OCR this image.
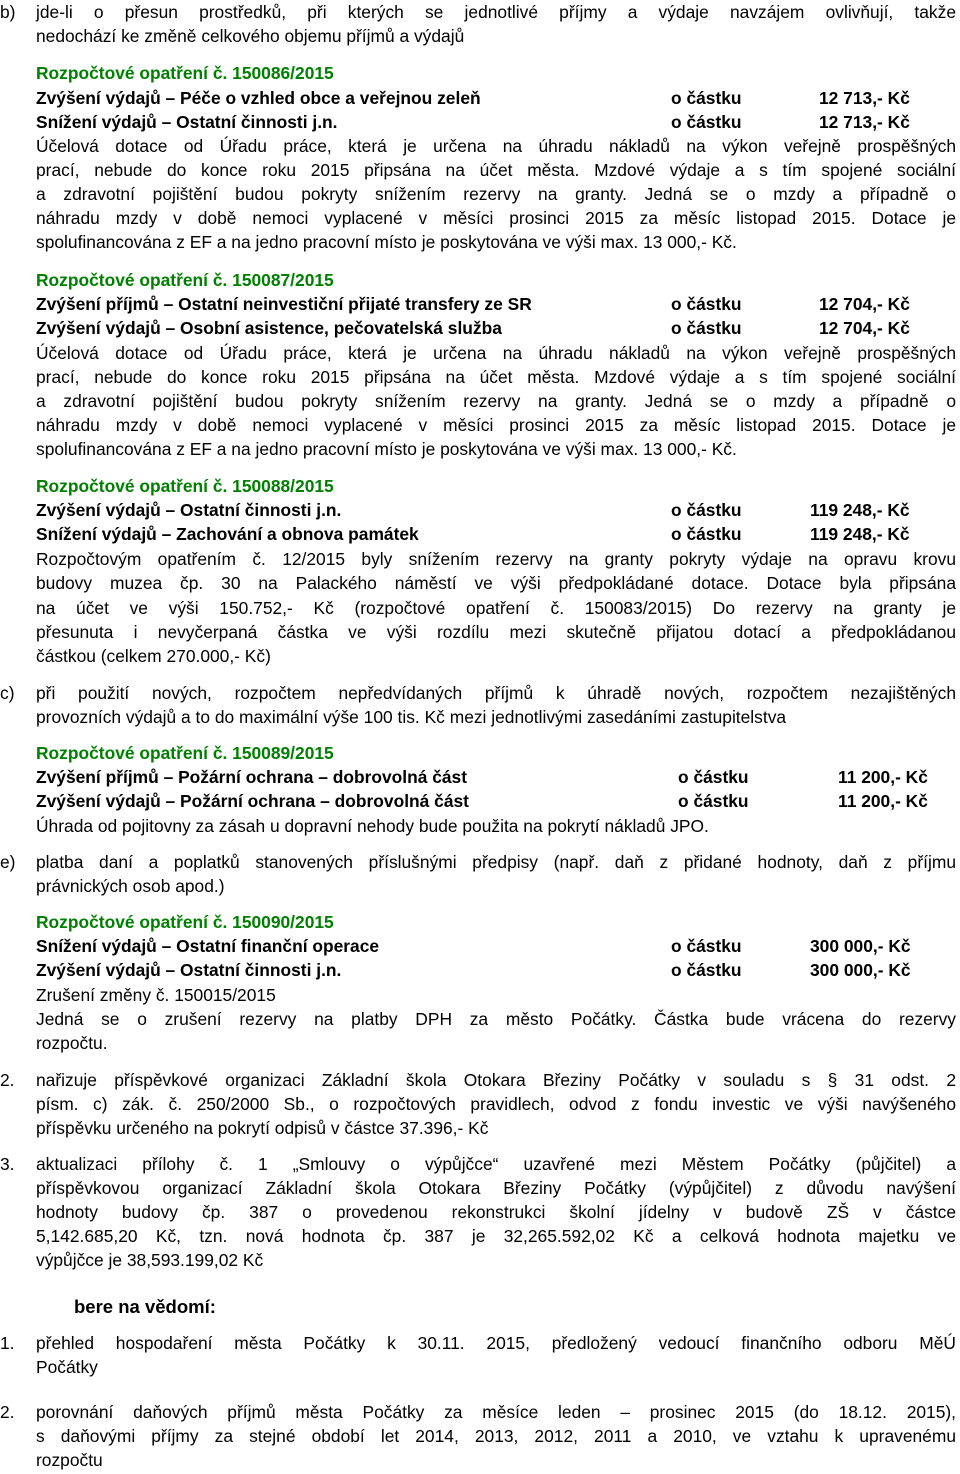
b) jde-li o přesun prostředků, při kterých se jednotlivé příjmy a výdaje navzájem ovlivňují, takže
nedochází ke změně celkového objemu příjmů a výdajů
Rozpočtové opatření č. 150086/2015
Zvýšení výdajů – Péče o vzhled obce a veřejnou zeleň	o částku	12 713,- Kč
Snížení výdajů – Ostatní činnosti j.n.	o částku	12 713,- Kč
Účelová dotace od Úřadu práce, která je určena na úhradu nákladů na výkon veřejně prospěšných
prací, nebude do konce roku 2015 připsána na účet města. Mzdové výdaje a s tím spojené sociální
a zdravotní pojištění budou pokryty snížením rezervy na granty. Jedná se o mzdy a případně o
náhradu mzdy v době nemoci vyplacené v měsíci prosinci 2015 za měsíc listopad 2015. Dotace je
spolufinancována z EF a na jedno pracovní místo je poskytována ve výši max. 13 000,- Kč.
Rozpočtové opatření č. 150087/2015
Zvýšení příjmů – Ostatní neinvestiční přijaté transfery ze SR	o částku	12 704,- Kč
Zvýšení výdajů – Osobní asistence, pečovatelská služba	o částku	12 704,- Kč
Účelová dotace od Úřadu práce, která je určena na úhradu nákladů na výkon veřejně prospěšných
prací, nebude do konce roku 2015 připsána na účet města. Mzdové výdaje a s tím spojené sociální
a zdravotní pojištění budou pokryty snížením rezervy na granty. Jedná se o mzdy a případně o
náhradu mzdy v době nemoci vyplacené v měsíci prosinci 2015 za měsíc listopad 2015. Dotace je
spolufinancována z EF a na jedno pracovní místo je poskytována ve výši max. 13 000,- Kč.
Rozpočtové opatření č. 150088/2015
Zvýšení výdajů – Ostatní činnosti j.n.	o částku	119 248,- Kč
Snížení výdajů – Zachování a obnova památek	o částku	119 248,- Kč
Rozpočtovým opatřením č. 12/2015 byly snížením rezervy na granty pokryty výdaje na opravu krovu
budovy muzea čp. 30 na Palackého náměstí ve výši předpokládané dotace. Dotace byla připsána
na účet ve výši 150.752,- Kč (rozpočtové opatření č. 150083/2015) Do rezervy na granty je
přesunuta i nevyčerpaná částka ve výši rozdílu mezi skutečně přijatou dotací a předpokládanou
částkou (celkem 270.000,- Kč)
c) při použití nových, rozpočtem nepředvídaných příjmů k úhradě nových, rozpočtem nezajištěných
provozních výdajů a to do maximální výše 100 tis. Kč mezi jednotlivými zasedáními zastupitelstva
Rozpočtové opatření č. 150089/2015
Zvýšení příjmů – Požární ochrana – dobrovolná část	o částku	11 200,- Kč
Zvýšení výdajů – Požární ochrana – dobrovolná část	o částku	11 200,- Kč
Úhrada od pojitovny za zásah u dopravní nehody bude použita na pokrytí nákladů JPO.
e) platba daní a poplatků stanovených příslušnými předpisy (např. daň z přidané hodnoty, daň z příjmu
právnických osob apod.)
Rozpočtové opatření č. 150090/2015
Snížení výdajů – Ostatní finanční operace	o částku	300 000,- Kč
Zvýšení výdajů – Ostatní činnosti j.n.	o částku	300 000,- Kč
Zrušení změny č. 150015/2015
Jedná se o zrušení rezervy na platby DPH za město Počátky. Částka bude vrácena do rezervy
rozpočtu.
2. nařizuje příspěvkové organizaci Základní škola Otokara Březiny Počátky v souladu s § 31 odst. 2
písm. c) zák. č. 250/2000 Sb., o rozpočtových pravidlech, odvod z fondu investic ve výši navýšeného
příspěvku určeného na pokrytí odpisů v částce 37.396,- Kč
3. aktualizaci přílohy č. 1 „Smlouvy o výpůjčce“ uzavřené mezi Městem Počátky (půjčitel) a
příspěvkovou organizací Základní škola Otokara Březiny Počátky (výpůjčitel) z důvodu navýšení
hodnoty budovy čp. 387 o provedenou rekonstrukci školní jídelny v budově ZŠ v částce
5,142.685,20 Kč, tzn. nová hodnota čp. 387 je 32,265.592,02 Kč a celková hodnota majetku ve
výpůjčce je 38,593.199,02 Kč
bere na vědomí:
1. přehled hospodaření města Počátky k 30.11. 2015, předložený vedoucí finančního odboru MěÚ
Počátky
2. porovnání daňových příjmů města Počátky za měsíce leden – prosinec 2015 (do 18.12. 2015),
s daňovými příjmy za stejné období let 2014, 2013, 2012, 2011 a 2010, ve vztahu k upravenému
rozpočtu
